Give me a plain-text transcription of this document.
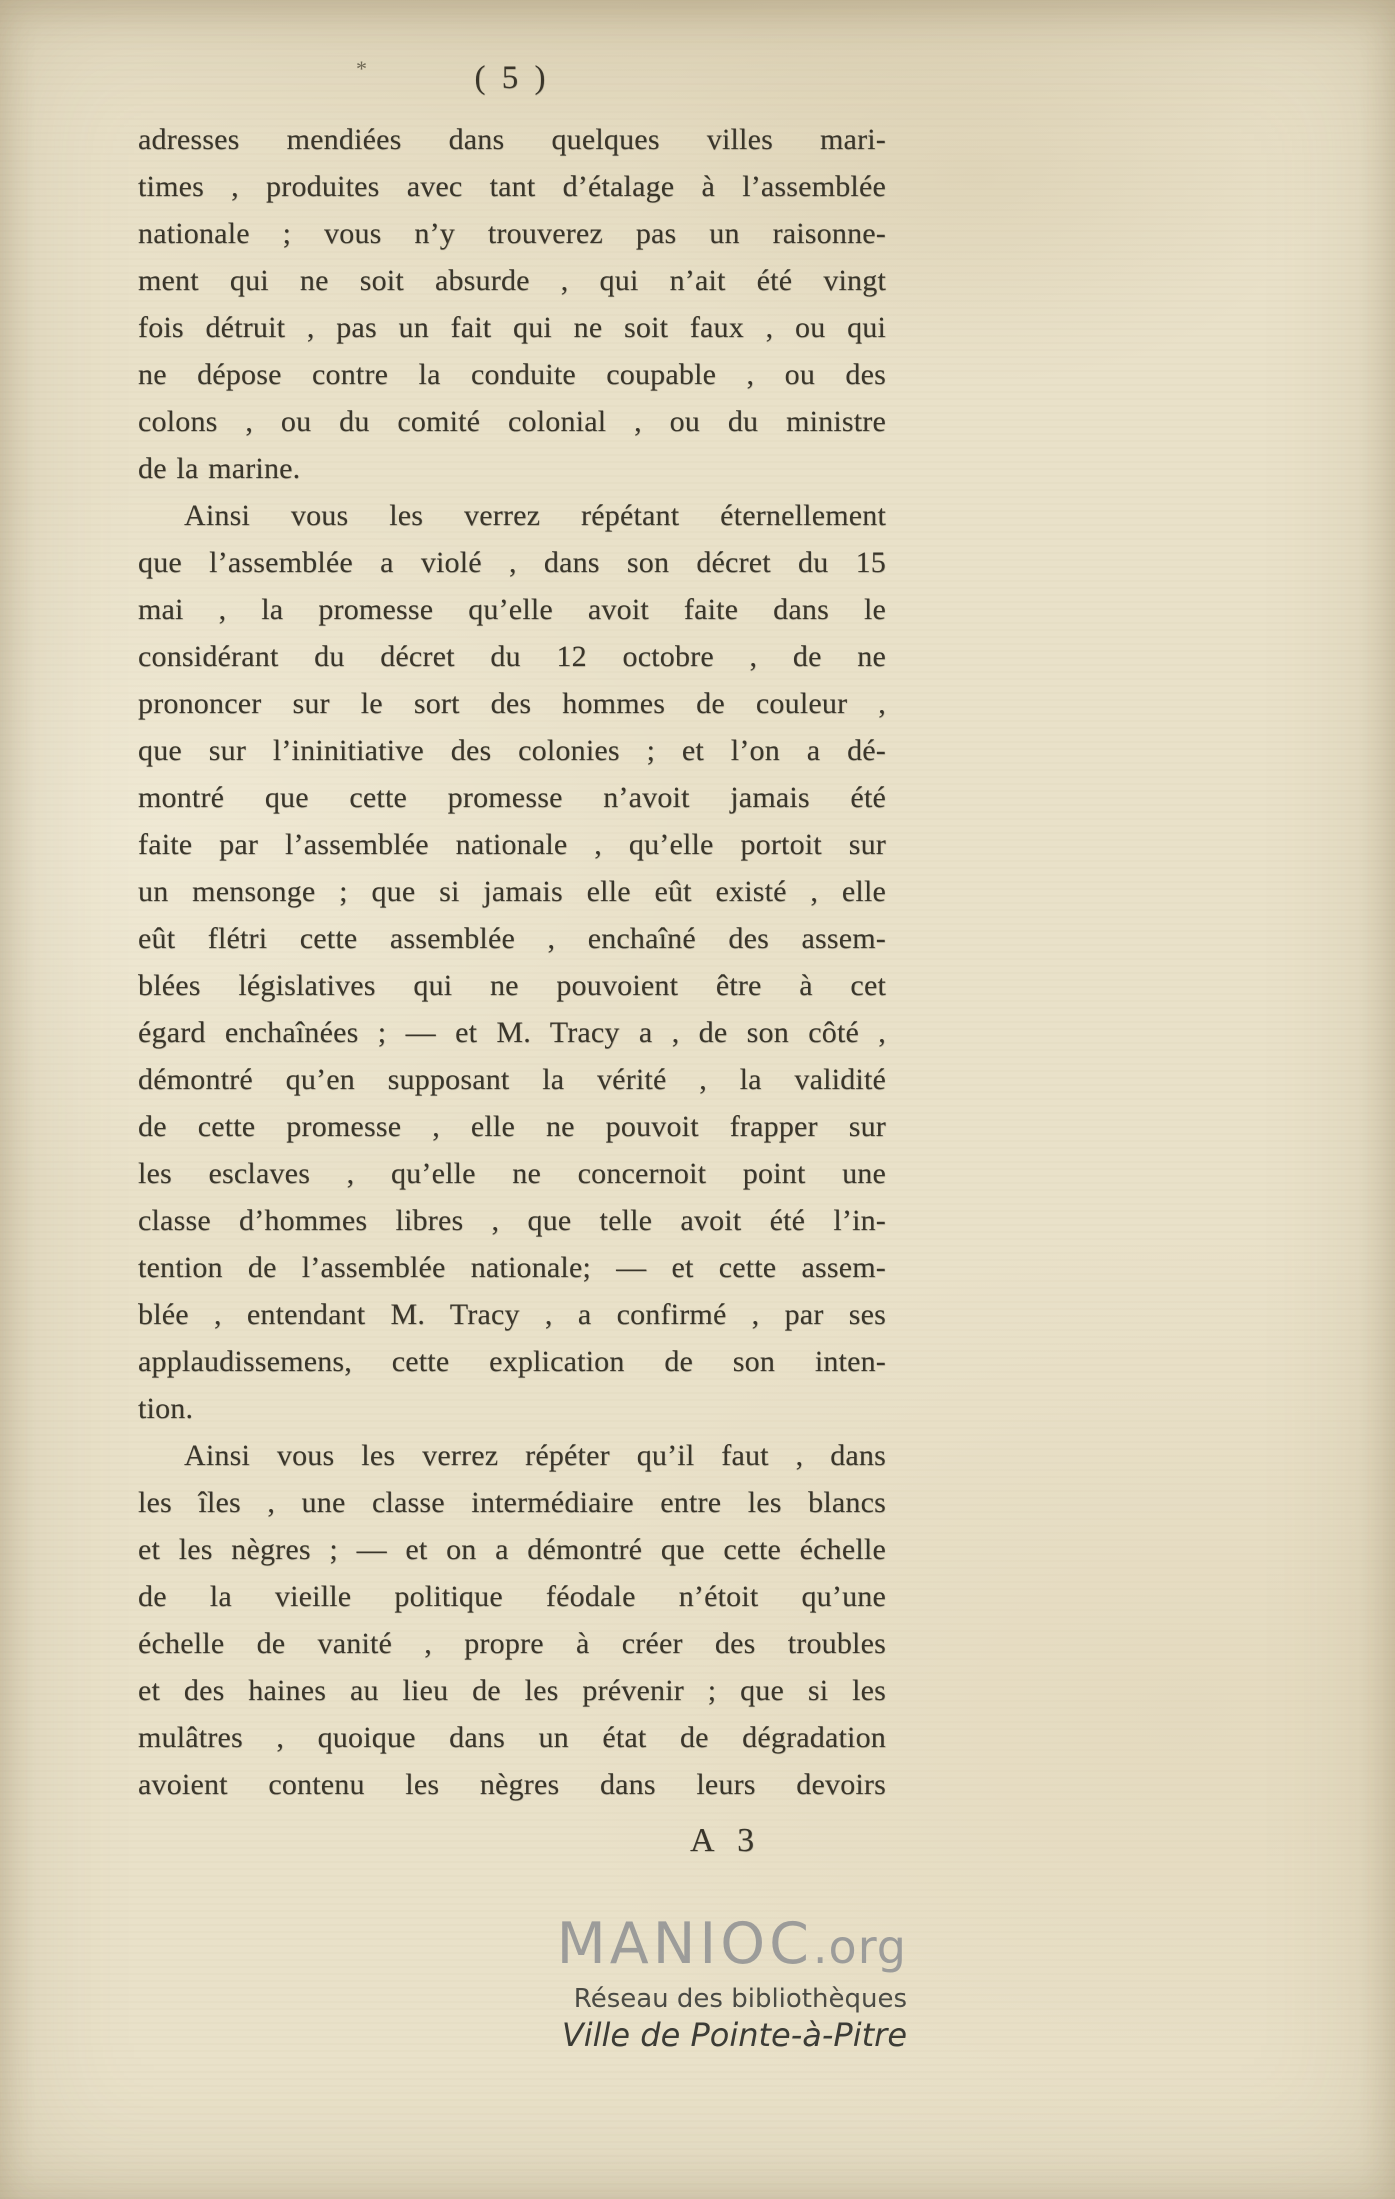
*	( 5 )
adresses mendiées dans quelques villes mari-
times , produites avec tant d’étalage à l’assemblée
nationale ; vous n’y trouverez pas un raisonne-
ment qui ne soit absurde , qui n’ait été vingt
fois détruit , pas un fait qui ne soit faux , ou qui
ne dépose contre la conduite coupable , ou des
colons , ou du comité colonial , ou du ministre
de la marine.
Ainsi vous les verrez répétant éternellement
que l’assemblée a violé , dans son décret du 15
mai , la promesse qu’elle avoit faite dans le
considérant du décret du 12 octobre , de ne
prononcer sur le sort des hommes de couleur ,
que sur l’ininitiative des colonies ; et l’on a dé-
montré que cette promesse n’avoit jamais été
faite par l’assemblée nationale , qu’elle portoit sur
un mensonge ; que si jamais elle eût existé , elle
eût flétri cette assemblée , enchaîné des assem-
blées législatives qui ne pouvoient être à cet
égard enchaînées ; — et M. Tracy a , de son côté ,
démontré qu’en supposant la vérité , la validité
de cette promesse , elle ne pouvoit frapper sur
les esclaves , qu’elle ne concernoit point une
classe d’hommes libres , que telle avoit été l’in-
tention de l’assemblée nationale; — et cette assem-
blée , entendant M. Tracy , a confirmé , par ses
applaudissemens, cette explication de son inten-
tion.
Ainsi vous les verrez répéter qu’il faut , dans
les îles , une classe intermédiaire entre les blancs
et les nègres ; — et on a démontré que cette échelle
de la vieille politique féodale n’étoit qu’une
échelle de vanité , propre à créer des troubles
et des haines au lieu de les prévenir ; que si les
mulâtres , quoique dans un état de dégradation
avoient contenu les nègres dans leurs devoirs
A 3
MANIOC.org
Réseau des bibliothèques
Ville de Pointe-à-Pitre
